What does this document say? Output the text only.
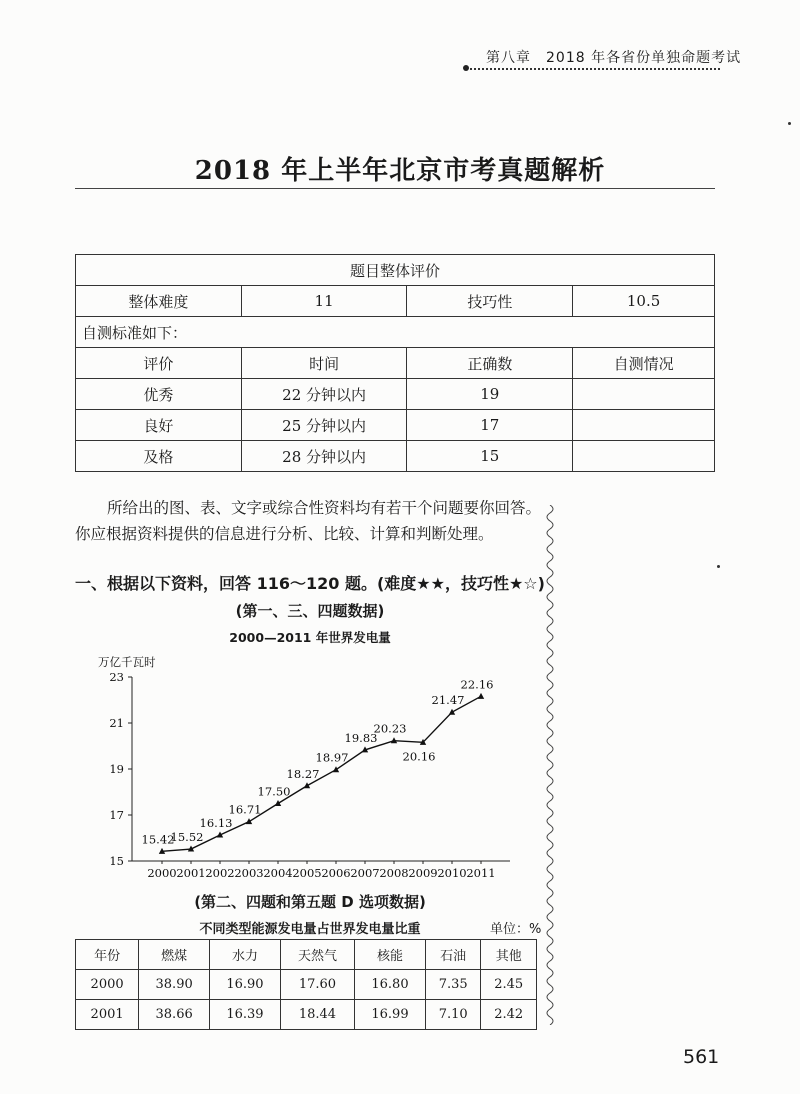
第八章　2018 年各省份单独命题考试
2018 年上半年北京市考真题解析
题目整体评价			
整体难度	11	技巧性	10.5
自测标准如下：			
评价	时间	正确数	自测情况
优秀	22 分钟以内	19	
良好	25 分钟以内	17	
及格	28 分钟以内	15	
所给出的图、表、文字或综合性资料均有若干个问题要你回答。你应根据资料提供的信息进行分析、比较、计算和判断处理。
一、根据以下资料，回答 116～120 题。(难度★★，技巧性★☆)
(第一、三、四题数据)
2000—2011 年世界发电量
万亿千瓦时
15
17
19
21
23
2000 2001 2002 2003 2004 2005 2006 2007 2008 2009 2010 2011
15.42
15.52
16.13
16.71
17.50
18.27
18.97
19.83
20.23
20.16
21.47
22.16
(第二、四题和第五题 D 选项数据)
不同类型能源发电量占世界发电量比重	单位：%
年份	燃煤	水力	天然气	核能	石油	其他
2000	38.90	16.90	17.60	16.80	7.35	2.45
2001	38.66	16.39	18.44	16.99	7.10	2.42
561
